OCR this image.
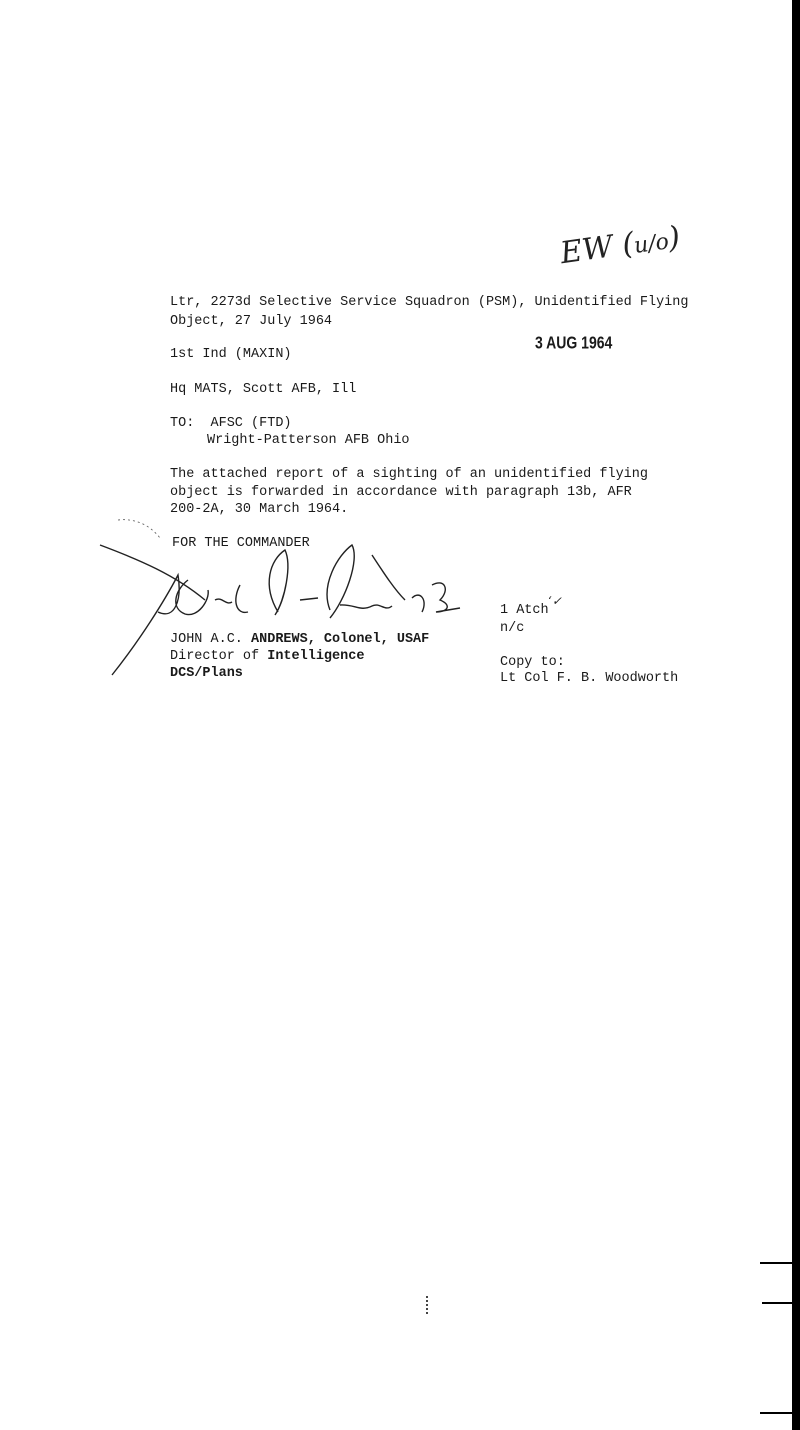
EW (u/o)
Ltr, 2273d Selective Service Squadron (PSM), Unidentified Flying
Object, 27 July 1964
3 AUG 1964
1st Ind (MAXIN)
Hq MATS, Scott AFB, Ill
TO:  AFSC (FTD)
Wright-Patterson AFB Ohio
The attached report of a sighting of an unidentified flying
object is forwarded in accordance with paragraph 13b, AFR
200-2A, 30 March 1964.
FOR THE COMMANDER
JOHN A.C. ANDREWS, Colonel, USAF
Director of Intelligence
DCS/Plans
1 Atch
ʻ✓
n/c
Copy to:
Lt Col F. B. Woodworth
